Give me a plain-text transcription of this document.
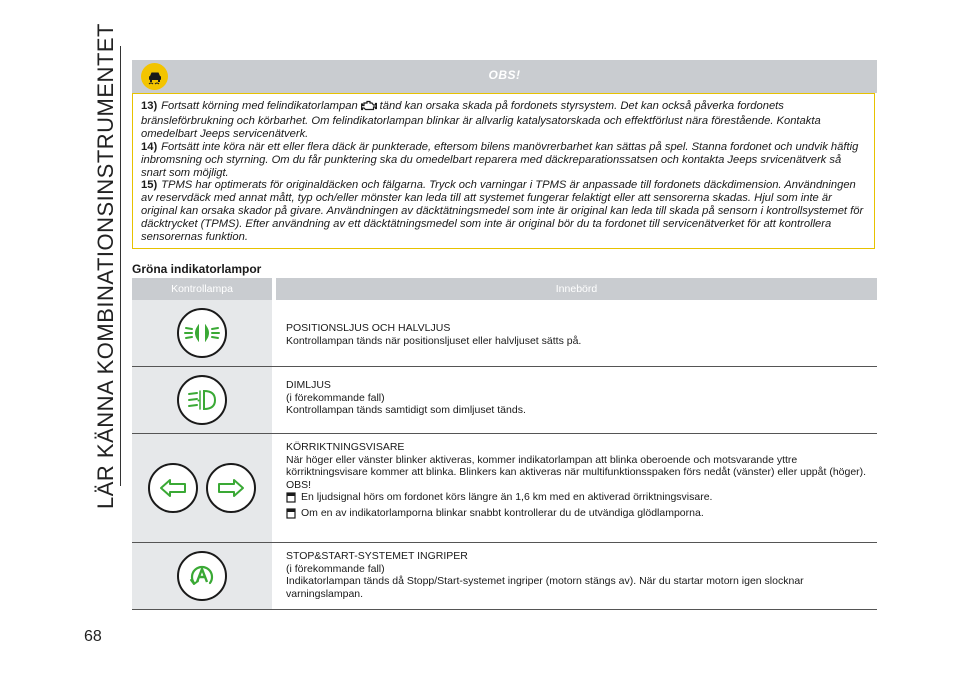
LÄR KÄNNA KOMBINATIONSINSTRUMENTET
68
OBS!

13) Fortsatt körning med felindikatorlampan tänd kan orsaka skada på fordonets styrsystem. Det kan också påverka fordonets bränsleförbrukning och körbarhet. Om felindikatorlampan blinkar är allvarlig katalysatorskada och effektförlust nära förestående. Kontakta omedelbart Jeeps servicenätverk.

14) Fortsätt inte köra när ett eller flera däck är punkterade, eftersom bilens manövrerbarhet kan sättas på spel. Stanna fordonet och undvik häftig inbromsning och styrning. Om du får punktering ska du omedelbart reparera med däckreparationssatsen och kontakta Jeeps srvicenätverk så snart som möjligt.

15) TPMS har optimerats för originaldäcken och fälgarna. Tryck och varningar i TPMS är anpassade till fordonets däckdimension. Användningen av reservdäck med annat mått, typ och/eller mönster kan leda till att systemet fungerar felaktigt eller att sensorerna skadas. Hjul som inte är original kan orsaka skador på givare. Användningen av däcktätningsmedel som inte är original kan leda till skada på sensorn i kontrollsystemet för däcktrycket (TPMS). Efter användning av ett däcktätningsmedel som inte är original bör du ta fordonet till servicenätverket för att kontrollera sensorernas funktion.

Gröna indikatorlampor
Kontrollampa	Innebörd
POSITIONSLJUS OCH HALVLJUS
Kontrollampan tänds när positionsljuset eller halvljuset sätts på.
DIMLJUS
(i förekommande fall)
Kontrollampan tänds samtidigt som dimljuset tänds.
KÖRRIKTNINGSVISARE
När höger eller vänster blinker aktiveras, kommer indikatorlampan att blinka oberoende och motsvarande yttre körriktningsvisare kommer att blinka. Blinkers kan aktiveras när multifunktionsspaken förs nedåt (vänster) eller uppåt (höger).
OBS!
En ljudsignal hörs om fordonet körs längre än 1,6 km med en aktiverad örriktningsvisare.
Om en av indikatorlamporna blinkar snabbt kontrollerar du de utvändiga glödlamporna.
STOP&START-SYSTEMET INGRIPER
(i förekommande fall)
Indikatorlampan tänds då Stopp/Start-systemet ingriper (motorn stängs av). När du startar motorn igen slocknar varningslampan.
